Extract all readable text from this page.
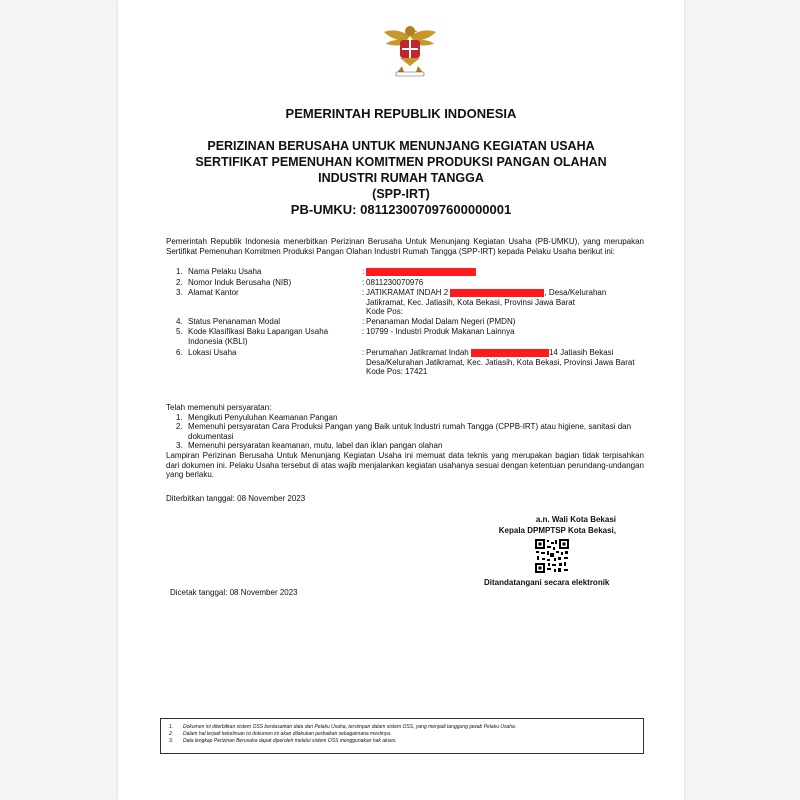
PEMERINTAH REPUBLIK INDONESIA
PERIZINAN BERUSAHA UNTUK MENUNJANG KEGIATAN USAHA
SERTIFIKAT PEMENUHAN KOMITMEN PRODUKSI PANGAN OLAHAN
INDUSTRI RUMAH TANGGA
(SPP-IRT)
PB-UMKU: 081123007097600000001
Pemerintah Republik Indonesia menerbitkan Perizinan Berusaha Untuk Menunjang Kegiatan Usaha (PB-UMKU), yang merupakan Sertifikat Pemenuhan Komitmen Produksi Pangan Olahan Industri Rumah Tangga (SPP-IRT) kepada Pelaku Usaha berikut ini:
1. Nama Pelaku Usaha	:
2. Nomor Induk Berusaha (NIB)	: 0811230070976
3. Alamat Kantor	: JATIKRAMAT INDAH 2	, Desa/Kelurahan Jatikramat, Kec. Jatiasih, Kota Bekasi, Provinsi Jawa Barat
Kode Pos:
4. Status Penanaman Modal	: Penanaman Modal Dalam Negeri (PMDN)
5. Kode Klasifikasi Baku Lapangan Usaha Indonesia (KBLI)
: 10799 - Industri Produk Makanan Lainnya
6. Lokasi Usaha	: Perumahan Jatikramat Indah	14 Jatiasih Bekasi Desa/Kelurahan Jatikramat, Kec. Jatiasih, Kota Bekasi, Provinsi Jawa Barat
Kode Pos: 17421
Telah memenuhi persyaratan:
1. Mengikuti Penyuluhan Keamanan Pangan
2. Memenuhi persyaratan Cara Produksi Pangan yang Baik untuk Industri rumah Tangga (CPPB-IRT) atau higiene, sanitasi dan dokumentasi
3. Memenuhi persyaratan keamanan, mutu, label dan iklan pangan olahan
Lampiran Perizinan Berusaha Untuk Menunjang Kegiatan Usaha ini memuat data teknis yang merupakan bagian tidak terpisahkan dari dokumen ini. Pelaku Usaha tersebut di atas wajib menjalankan kegiatan usahanya sesuai dengan ketentuan perundang-undangan yang berlaku.
Diterbitkan tanggal: 08 November 2023
a.n. Wali Kota Bekasi
Kepala DPMPTSP Kota Bekasi,
Ditandatangani secara elektronik
Dicetak tanggal: 08 November 2023
1. Dokumen ini diterbitkan sistem OSS berdasarkan data dari Pelaku Usaha, tersimpan dalam sistem OSS, yang menjadi tanggung jawab Pelaku Usaha.
2. Dalam hal terjadi kekeliruan isi dokumen ini akan dilakukan perbaikan sebagaimana mestinya.
3. Data lengkap Perizinan Berusaha dapat diperoleh melalui sistem OSS menggunakan hak akses.
